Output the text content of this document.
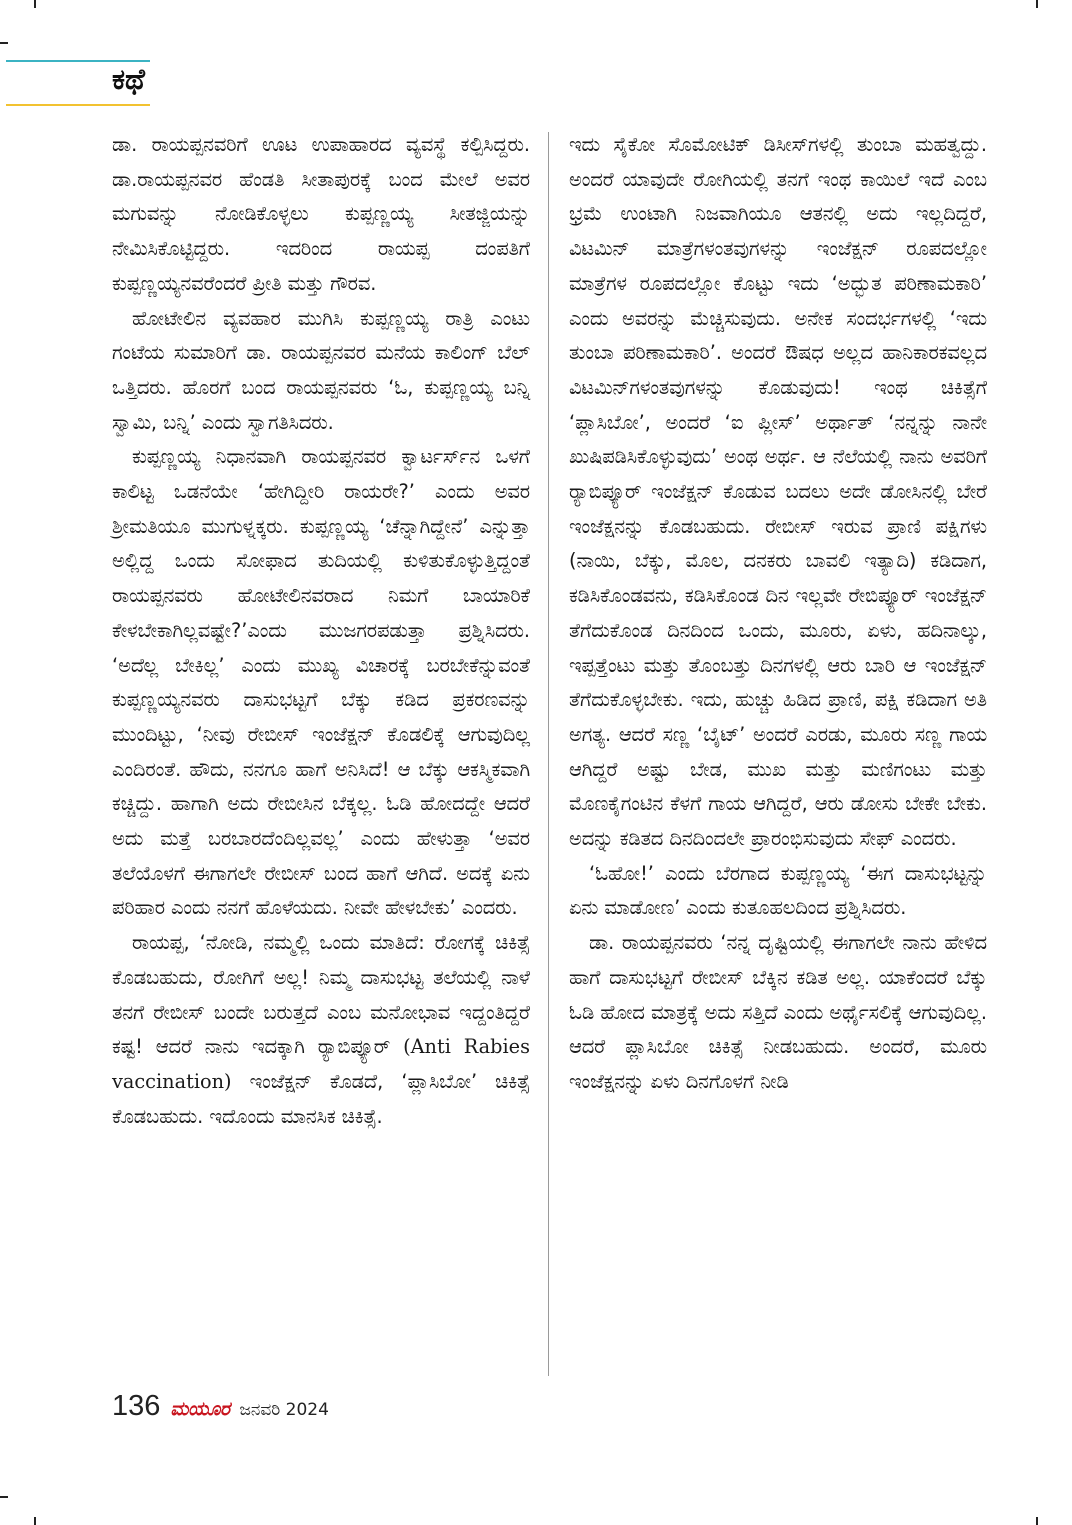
ಕಥೆ

ಡಾ. ರಾಯಪ್ಪನವರಿಗೆ ಊಟ ಉಪಾಹಾರದ ವ್ಯವಸ್ಥೆ ಕಲ್ಪಿಸಿದ್ದರು. ಡಾ.ರಾಯಪ್ಪನವರ ಹೆಂಡತಿ ಸೀತಾಪುರಕ್ಕೆ ಬಂದ ಮೇಲೆ ಅವರ ಮಗುವನ್ನು ನೋಡಿಕೊಳ್ಳಲು ಕುಪ್ಪಣ್ಣಯ್ಯ ಸೀತಜ್ಜಿಯನ್ನು ನೇಮಿಸಿಕೊಟ್ಟಿದ್ದರು. ಇದರಿಂದ ರಾಯಪ್ಪ ದಂಪತಿಗೆ ಕುಪ್ಪಣ್ಣಯ್ಯನವರೆಂದರೆ ಪ್ರೀತಿ ಮತ್ತು ಗೌರವ.

ಹೋಟೇಲಿನ ವ್ಯವಹಾರ ಮುಗಿಸಿ ಕುಪ್ಪಣ್ಣಯ್ಯ ರಾತ್ರಿ ಎಂಟು ಗಂಟೆಯ ಸುಮಾರಿಗೆ ಡಾ. ರಾಯಪ್ಪನವರ ಮನೆಯ ಕಾಲಿಂಗ್ ಬೆಲ್ ಒತ್ತಿದರು. ಹೊರಗೆ ಬಂದ ರಾಯಪ್ಪನವರು ‘ಓ, ಕುಪ್ಪಣ್ಣಯ್ಯ ಬನ್ನಿ ಸ್ವಾಮಿ, ಬನ್ನಿ’ ಎಂದು ಸ್ವಾಗತಿಸಿದರು.

ಕುಪ್ಪಣ್ಣಯ್ಯ ನಿಧಾನವಾಗಿ ರಾಯಪ್ಪನವರ ಕ್ವಾರ್ಟರ್ಸ್‌ನ ಒಳಗೆ ಕಾಲಿಟ್ಟ ಒಡನೆಯೇ ‘ಹೇಗಿದ್ದೀರಿ ರಾಯರೇ?’ ಎಂದು ಅವರ ಶ್ರೀಮತಿಯೂ ಮುಗುಳ್ನಕ್ಕರು. ಕುಪ್ಪಣ್ಣಯ್ಯ ‘ಚೆನ್ನಾಗಿದ್ದೇನೆ’ ಎನ್ನುತ್ತಾ ಅಲ್ಲಿದ್ದ ಒಂದು ಸೋಫಾದ ತುದಿಯಲ್ಲಿ ಕುಳಿತುಕೊಳ್ಳುತ್ತಿದ್ದಂತೆ ರಾಯಪ್ಪನವರು ಹೋಟೇಲಿನವರಾದ ನಿಮಗೆ ಬಾಯಾರಿಕೆ ಕೇಳಬೇಕಾಗಿಲ್ಲವಷ್ಟೇ?’ಎಂದು ಮುಜಗರಪಡುತ್ತಾ ಪ್ರಶ್ನಿಸಿದರು. ‘ಅದೆಲ್ಲ ಬೇಕಿಲ್ಲ’ ಎಂದು ಮುಖ್ಯ ವಿಚಾರಕ್ಕೆ ಬರಬೇಕೆನ್ನುವಂತೆ ಕುಪ್ಪಣ್ಣಯ್ಯನವರು ದಾಸುಭಟ್ಟಗೆ ಬೆಕ್ಕು ಕಡಿದ ಪ್ರಕರಣವನ್ನು ಮುಂದಿಟ್ಟು, ‘ನೀವು ರೇಬೀಸ್ ಇಂಜೆಕ್ಷನ್ ಕೊಡಲಿಕ್ಕೆ ಆಗುವುದಿಲ್ಲ ಎಂದಿರಂತೆ. ಹೌದು, ನನಗೂ ಹಾಗೆ ಅನಿಸಿದೆ! ಆ ಬೆಕ್ಕು ಆಕಸ್ಮಿಕವಾಗಿ ಕಚ್ಚಿದ್ದು. ಹಾಗಾಗಿ ಅದು ರೇಬೀಸಿನ ಬೆಕ್ಕಲ್ಲ. ಓಡಿ ಹೋದದ್ದೇ ಆದರೆ ಅದು ಮತ್ತೆ ಬರಬಾರದೆಂದಿಲ್ಲವಲ್ಲ’ ಎಂದು ಹೇಳುತ್ತಾ ‘ಅವರ ತಲೆಯೊಳಗೆ ಈಗಾಗಲೇ ರೇಬೀಸ್ ಬಂದ ಹಾಗೆ ಆಗಿದೆ. ಅದಕ್ಕೆ ಏನು ಪರಿಹಾರ ಎಂದು ನನಗೆ ಹೊಳೆಯದು. ನೀವೇ ಹೇಳಬೇಕು’ ಎಂದರು.

ರಾಯಪ್ಪ, ‘ನೋಡಿ, ನಮ್ಮಲ್ಲಿ ಒಂದು ಮಾತಿದೆ: ರೋಗಕ್ಕೆ ಚಿಕಿತ್ಸೆ ಕೊಡಬಹುದು, ರೋಗಿಗೆ ಅಲ್ಲ! ನಿಮ್ಮ ದಾಸುಭಟ್ಟ ತಲೆಯಲ್ಲಿ ನಾಳೆ ತನಗೆ ರೇಬೀಸ್ ಬಂದೇ ಬರುತ್ತದೆ ಎಂಬ ಮನೋಭಾವ ಇದ್ದಂತಿದ್ದರೆ ಕಷ್ಟ! ಆದರೆ ನಾನು ಇದಕ್ಕಾಗಿ ರ್‍ಯಾಬಿಪ್ಯೂರ್ (Anti Rabies vaccination) ಇಂಜೆಕ್ಷನ್ ಕೊಡದೆ, ‘ಪ್ಲಾಸಿಬೋ’ ಚಿಕಿತ್ಸೆ ಕೊಡಬಹುದು. ಇದೊಂದು ಮಾನಸಿಕ ಚಿಕಿತ್ಸೆ.

ಇದು ಸೈಕೋ ಸೊಮೋಟಿಕ್ ಡಿಸೀಸ್‌ಗಳಲ್ಲಿ ತುಂಬಾ ಮಹತ್ವದ್ದು. ಅಂದರೆ ಯಾವುದೇ ರೋಗಿಯಲ್ಲಿ ತನಗೆ ಇಂಥ ಕಾಯಿಲೆ ಇದೆ ಎಂಬ ಭ್ರಮೆ ಉಂಟಾಗಿ ನಿಜವಾಗಿಯೂ ಆತನಲ್ಲಿ ಅದು ಇಲ್ಲದಿದ್ದರೆ, ವಿಟಮಿನ್ ಮಾತ್ರೆಗಳಂತವುಗಳನ್ನು ಇಂಜೆಕ್ಷನ್ ರೂಪದಲ್ಲೋ ಮಾತ್ರೆಗಳ ರೂಪದಲ್ಲೋ ಕೊಟ್ಟು ಇದು ‘ಅದ್ಭುತ ಪರಿಣಾಮಕಾರಿ’ ಎಂದು ಅವರನ್ನು ಮೆಚ್ಚಿಸುವುದು. ಅನೇಕ ಸಂದರ್ಭಗಳಲ್ಲಿ ‘ಇದು ತುಂಬಾ ಪರಿಣಾಮಕಾರಿ’. ಅಂದರೆ ಔಷಧ ಅಲ್ಲದ ಹಾನಿಕಾರಕವಲ್ಲದ ವಿಟಮಿನ್‌ಗಳಂತವುಗಳನ್ನು ಕೊಡುವುದು! ಇಂಥ ಚಿಕಿತ್ಸೆಗೆ ‘ಪ್ಲಾಸಿಬೋ’, ಅಂದರೆ ‘ಐ ಪ್ಲೀಸ್’ ಅರ್ಥಾತ್ ‘ನನ್ನನ್ನು ನಾನೇ ಖುಷಿಪಡಿಸಿಕೊಳ್ಳುವುದು’ ಅಂಥ ಅರ್ಥ. ಆ ನೆಲೆಯಲ್ಲಿ ನಾನು ಅವರಿಗೆ ರ್‍ಯಾಬಿಪ್ಯೂರ್ ಇಂಜೆಕ್ಷನ್ ಕೊಡುವ ಬದಲು ಅದೇ ಡೋಸಿನಲ್ಲಿ ಬೇರೆ ಇಂಜೆಕ್ಷನನ್ನು ಕೊಡಬಹುದು. ರೇಬೀಸ್ ಇರುವ ಪ್ರಾಣಿ ಪಕ್ಷಿಗಳು (ನಾಯಿ, ಬೆಕ್ಕು, ಮೊಲ, ದನಕರು ಬಾವಲಿ ಇತ್ಯಾದಿ) ಕಡಿದಾಗ, ಕಡಿಸಿಕೊಂಡವನು, ಕಡಿಸಿಕೊಂಡ ದಿನ ಇಲ್ಲವೇ ರೇಬಿಪ್ಯೂರ್ ಇಂಜೆಕ್ಷನ್ ತೆಗೆದುಕೊಂಡ ದಿನದಿಂದ ಒಂದು, ಮೂರು, ಏಳು, ಹದಿನಾಲ್ಕು, ಇಪ್ಪತ್ತೆಂಟು ಮತ್ತು ತೊಂಬತ್ತು ದಿನಗಳಲ್ಲಿ ಆರು ಬಾರಿ ಆ ಇಂಜೆಕ್ಷನ್ ತೆಗೆದುಕೊಳ್ಳಬೇಕು. ಇದು, ಹುಚ್ಚು ಹಿಡಿದ ಪ್ರಾಣಿ, ಪಕ್ಷಿ ಕಡಿದಾಗ ಅತಿ ಅಗತ್ಯ. ಆದರೆ ಸಣ್ಣ ‘ಬೈಟ್’ ಅಂದರೆ ಎರಡು, ಮೂರು ಸಣ್ಣ ಗಾಯ ಆಗಿದ್ದರೆ ಅಷ್ಟು ಬೇಡ, ಮುಖ ಮತ್ತು ಮಣಿಗಂಟು ಮತ್ತು ಮೊಣಕೈಗಂಟಿನ ಕೆಳಗೆ ಗಾಯ ಆಗಿದ್ದರೆ, ಆರು ಡೋಸು ಬೇಕೇ ಬೇಕು. ಅದನ್ನು ಕಡಿತದ ದಿನದಿಂದಲೇ ಪ್ರಾರಂಭಿಸುವುದು ಸೇಫ್ ಎಂದರು.

‘ಓಹೋ!’ ಎಂದು ಬೆರಗಾದ ಕುಪ್ಪಣ್ಣಯ್ಯ ‘ಈಗ ದಾಸುಭಟ್ಟನ್ನು ಏನು ಮಾಡೋಣ’ ಎಂದು ಕುತೂಹಲದಿಂದ ಪ್ರಶ್ನಿಸಿದರು.

ಡಾ. ರಾಯಪ್ಪನವರು ‘ನನ್ನ ದೃಷ್ಟಿಯಲ್ಲಿ ಈಗಾಗಲೇ ನಾನು ಹೇಳಿದ ಹಾಗೆ ದಾಸುಭಟ್ಟಗೆ ರೇಬೀಸ್ ಬೆಕ್ಕಿನ ಕಡಿತ ಅಲ್ಲ. ಯಾಕೆಂದರೆ ಬೆಕ್ಕು ಓಡಿ ಹೋದ ಮಾತ್ರಕ್ಕೆ ಅದು ಸತ್ತಿದೆ ಎಂದು ಅರ್ಥೈಸಲಿಕ್ಕೆ ಆಗುವುದಿಲ್ಲ. ಆದರೆ ಪ್ಲಾಸಿಬೋ ಚಿಕಿತ್ಸೆ ನೀಡಬಹುದು. ಅಂದರೆ, ಮೂರು ಇಂಜೆಕ್ಷನನ್ನು ಏಳು ದಿನಗೊಳಗೆ ನೀಡಿ

136 ಮಯೂರ ಜನವರಿ 2024
